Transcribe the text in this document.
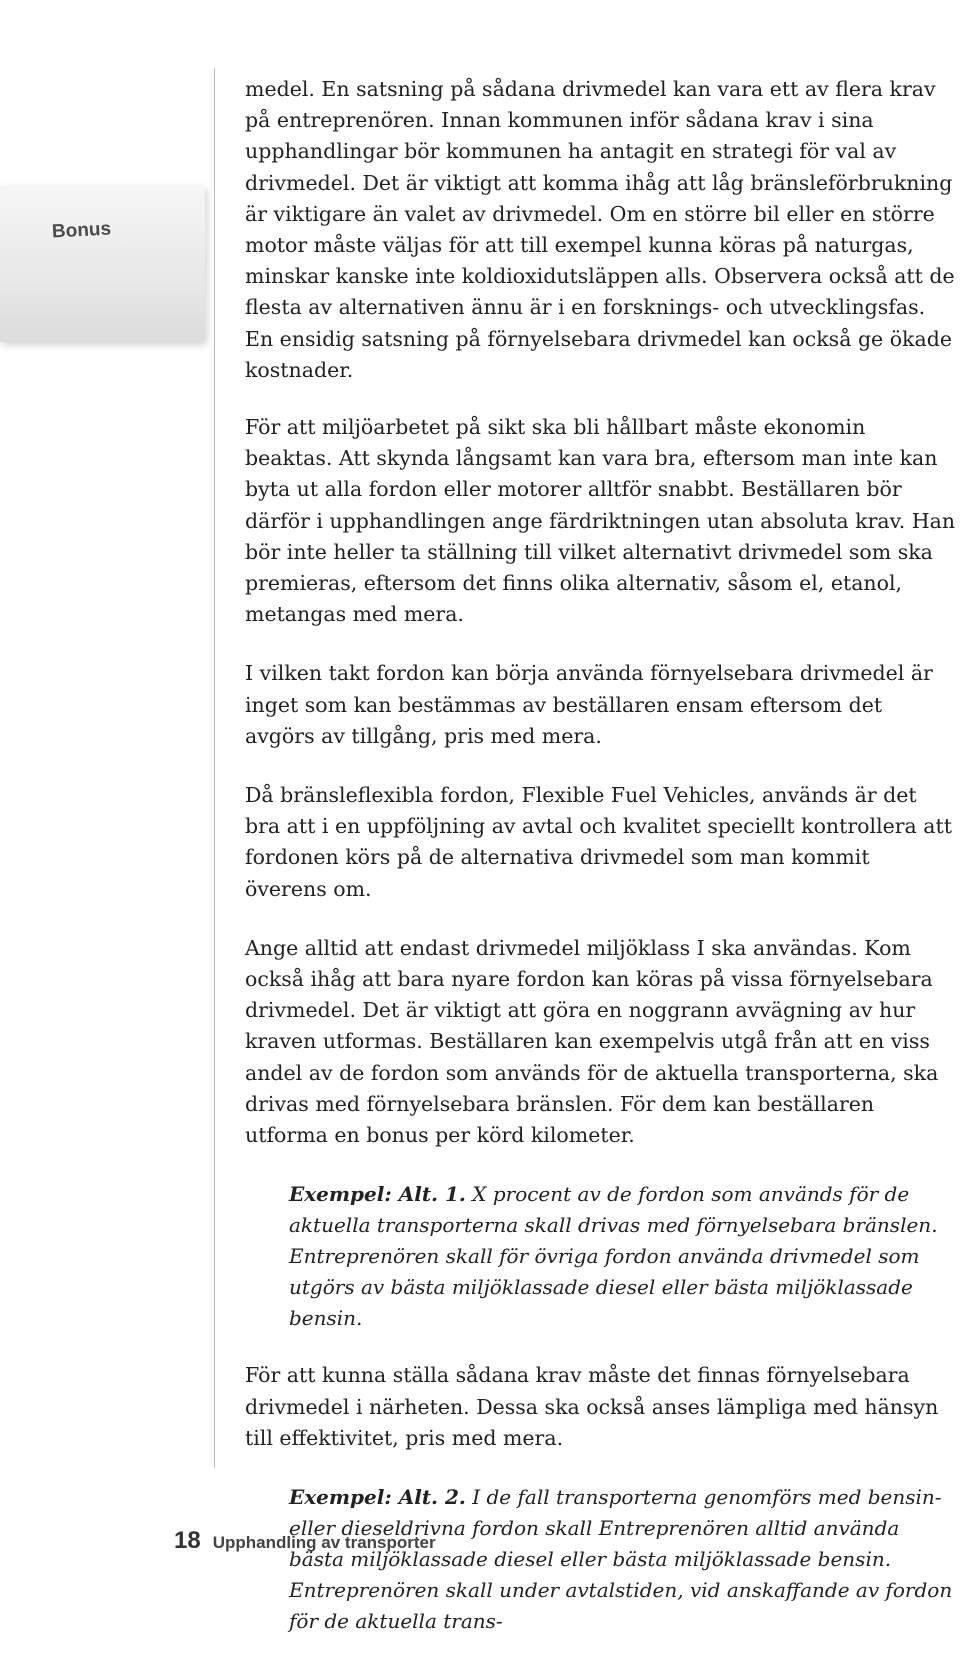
Bonus

medel. En satsning på sådana drivmedel kan vara ett av flera krav på entreprenören. Innan kommunen inför sådana krav i sina upphandlingar bör kommunen ha antagit en strategi för val av drivmedel. Det är viktigt att komma ihåg att låg bränsleförbrukning är viktigare än valet av drivmedel. Om en större bil eller en större motor måste väljas för att till exempel kunna köras på naturgas, minskar kanske inte koldioxidutsläppen alls. Observera också att de flesta av alternativen ännu är i en forsknings- och utvecklingsfas. En ensidig satsning på förnyelsebara drivmedel kan också ge ökade kostnader.

För att miljöarbetet på sikt ska bli hållbart måste ekonomin beaktas. Att skynda långsamt kan vara bra, eftersom man inte kan byta ut alla fordon eller motorer alltför snabbt. Beställaren bör därför i upphandlingen ange färdriktningen utan absoluta krav. Han bör inte heller ta ställning till vilket alternativt drivmedel som ska premieras, eftersom det finns olika alternativ, såsom el, etanol, metangas med mera.

I vilken takt fordon kan börja använda förnyelsebara drivmedel är inget som kan bestämmas av beställaren ensam eftersom det avgörs av tillgång, pris med mera.

Då bränsleflexibla fordon, Flexible Fuel Vehicles, används är det bra att i en uppföljning av avtal och kvalitet speciellt kontrollera att fordonen körs på de alternativa drivmedel som man kommit överens om.

Ange alltid att endast drivmedel miljöklass I ska användas. Kom också ihåg att bara nyare fordon kan köras på vissa förnyelsebara drivmedel. Det är viktigt att göra en noggrann avvägning av hur kraven utformas. Beställaren kan exempelvis utgå från att en viss andel av de fordon som används för de aktuella transporterna, ska drivas med förnyelsebara bränslen. För dem kan beställaren utforma en bonus per körd kilometer.

Exempel: Alt. 1. X procent av de fordon som används för de aktuella transporterna skall drivas med förnyelsebara bränslen. Entreprenören skall för övriga fordon använda drivmedel som utgörs av bästa miljöklassade diesel eller bästa miljöklassade bensin.

För att kunna ställa sådana krav måste det finnas förnyelsebara drivmedel i närheten. Dessa ska också anses lämpliga med hänsyn till effektivitet, pris med mera.

Exempel: Alt. 2. I de fall transporterna genomförs med bensin- eller dieseldrivna fordon skall Entreprenören alltid använda bästa miljöklassade diesel eller bästa miljöklassade bensin. Entreprenören skall under avtalstiden, vid anskaffande av fordon för de aktuella trans-

18 Upphandling av transporter
